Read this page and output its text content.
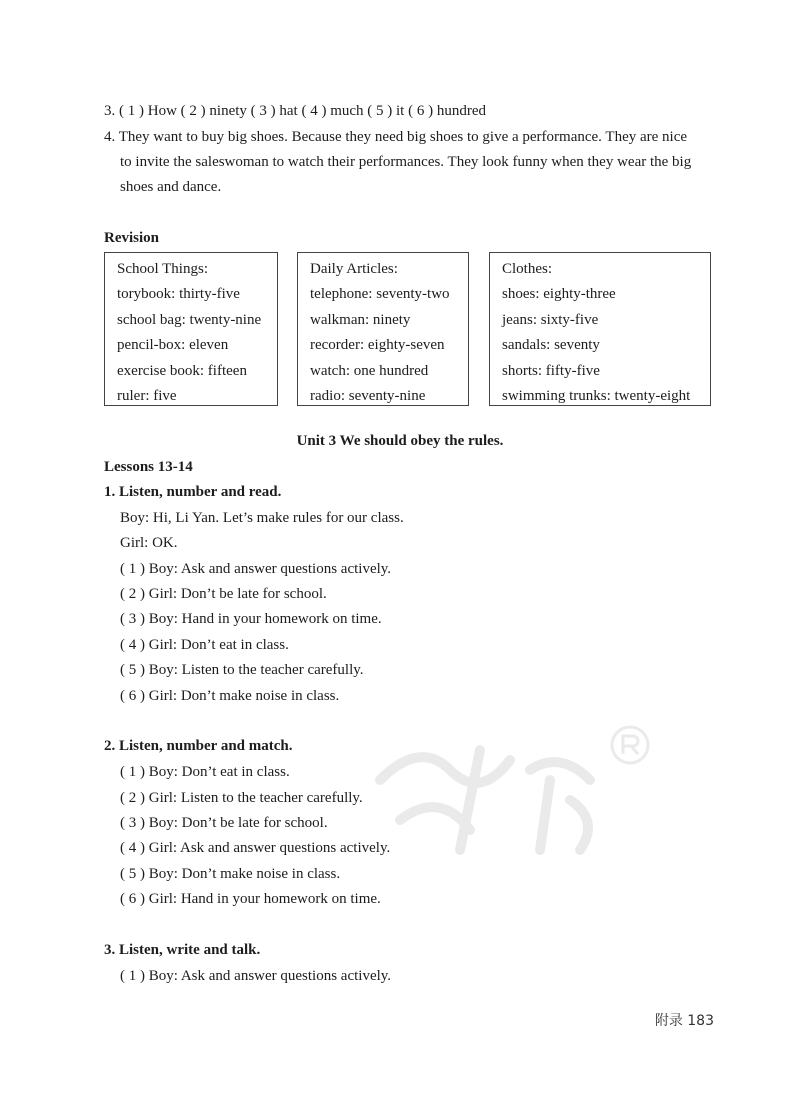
3. ( 1 ) How ( 2 ) ninety ( 3 ) hat ( 4 ) much ( 5 ) it ( 6 ) hundred
4. They want to buy big shoes. Because they need big shoes to give a performance. They are nice
to invite the saleswoman to watch their performances. They look funny when they wear the big
shoes and dance.
Revision
School Things:
torybook: thirty-five
school bag: twenty-nine
pencil-box: eleven
exercise book: fifteen
ruler: five
Daily Articles:
telephone: seventy-two
walkman: ninety
recorder: eighty-seven
watch: one hundred
radio: seventy-nine
Clothes:
shoes: eighty-three
jeans: sixty-five
sandals: seventy
shorts: fifty-five
swimming trunks: twenty-eight
Unit 3 We should obey the rules.
Lessons 13-14
1. Listen, number and read.
Boy: Hi, Li Yan. Let’s make rules for our class.
Girl: OK.
( 1 ) Boy: Ask and answer questions actively.
( 2 ) Girl: Don’t be late for school.
( 3 ) Boy: Hand in your homework on time.
( 4 ) Girl: Don’t eat in class.
( 5 ) Boy: Listen to the teacher carefully.
( 6 ) Girl: Don’t make noise in class.
2. Listen, number and match.
( 1 ) Boy: Don’t eat in class.
( 2 ) Girl: Listen to the teacher carefully.
( 3 ) Boy: Don’t be late for school.
( 4 ) Girl: Ask and answer questions actively.
( 5 ) Boy: Don’t make noise in class.
( 6 ) Girl: Hand in your homework on time.
3. Listen, write and talk.
( 1 ) Boy: Ask and answer questions actively.
附录 183
